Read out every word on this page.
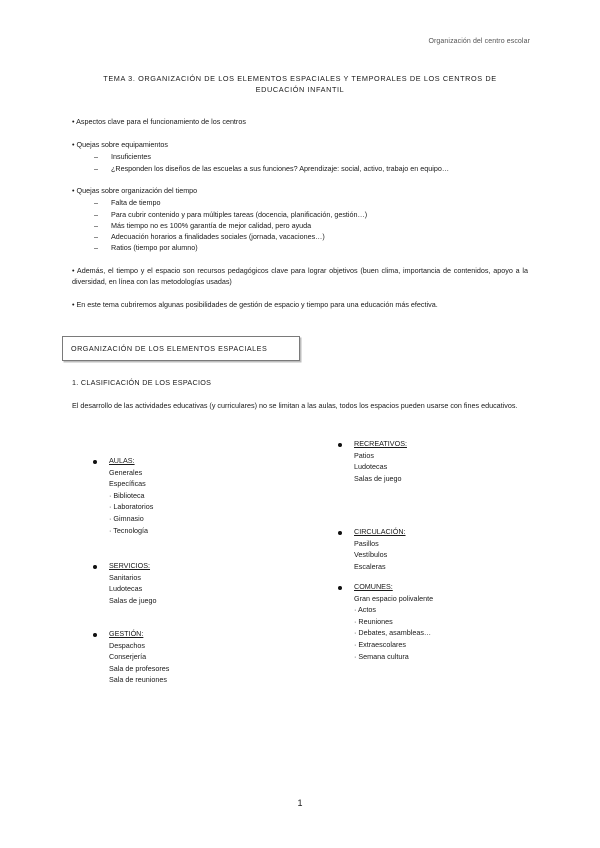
Organización del centro escolar
TEMA 3. ORGANIZACIÓN DE LOS ELEMENTOS ESPACIALES Y TEMPORALES DE LOS CENTROS DE EDUCACIÓN INFANTIL
• Aspectos clave para el funcionamiento de los centros
• Quejas sobre equipamientos
– Insuficientes
– ¿Responden los diseños de las escuelas a sus funciones? Aprendizaje: social, activo, trabajo en equipo…
• Quejas sobre organización del tiempo
– Falta de tiempo
– Para cubrir contenido y para múltiples tareas (docencia, planificación, gestión…)
– Más tiempo no es 100% garantía de mejor calidad, pero ayuda
– Adecuación horarios a finalidades sociales (jornada, vacaciones…)
– Ratios (tiempo por alumno)
• Además, el tiempo y el espacio son recursos pedagógicos clave para lograr objetivos (buen clima, importancia de contenidos, apoyo a la diversidad, en línea con las metodologías usadas)
• En este tema cubriremos algunas posibilidades de gestión de espacio y tiempo para una educación más efectiva.
ORGANIZACIÓN DE LOS ELEMENTOS ESPACIALES
1. CLASIFICACIÓN DE LOS ESPACIOS
El desarrollo de las actividades educativas (y curriculares) no se limitan a las aulas, todos los espacios pueden usarse con fines educativos.
AULAS:
Generales
Específicas
· Biblioteca
· Laboratorios
· Gimnasio
· Tecnología
SERVICIOS:
Sanitarios
Ludotecas
Salas de juego
GESTIÓN:
Despachos
Conserjería
Sala de profesores
Sala de reuniones
RECREATIVOS:
Patios
Ludotecas
Salas de juego
CIRCULACIÓN:
Pasillos
Vestíbulos
Escaleras
COMUNES:
Gran espacio polivalente
· Actos
· Reuniones
· Debates, asambleas…
· Extraescolares
· Semana cultura
1
